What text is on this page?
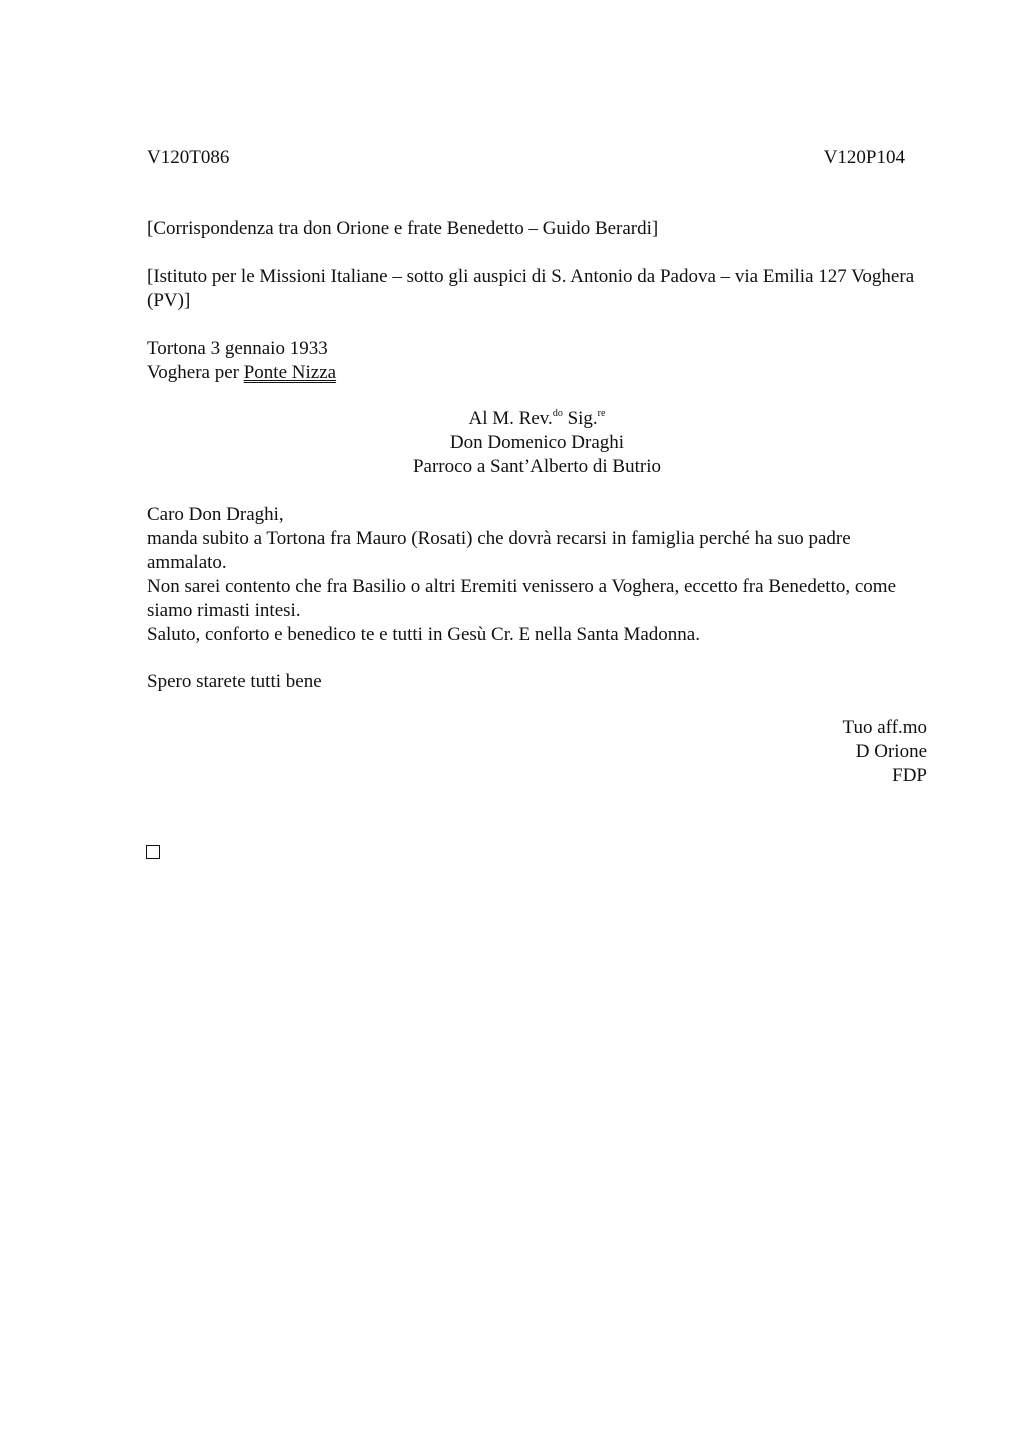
V120T086	V120P104

[Corrispondenza tra don Orione e frate Benedetto – Guido Berardi]

[Istituto per le Missioni Italiane – sotto gli auspici di S. Antonio da Padova – via Emilia 127 Voghera (PV)]

Tortona 3 gennaio 1933

Voghera per Ponte Nizza

Al M. Rev.$^{do}$ Sig.$^{re}$

Don Domenico Draghi

Parroco a Sant’Alberto di Butrio

Caro Don Draghi,

manda subito a Tortona fra Mauro (Rosati) che dovrà recarsi in famiglia perché ha suo padre ammalato.

Non sarei contento che fra Basilio o altri Eremiti venissero a Voghera, eccetto fra Benedetto, come siamo rimasti intesi.

Saluto, conforto e benedico te e tutti in Gesù Cr. E nella Santa Madonna.

Spero starete tutti bene

Tuo aff.mo

D Orione

FDP
